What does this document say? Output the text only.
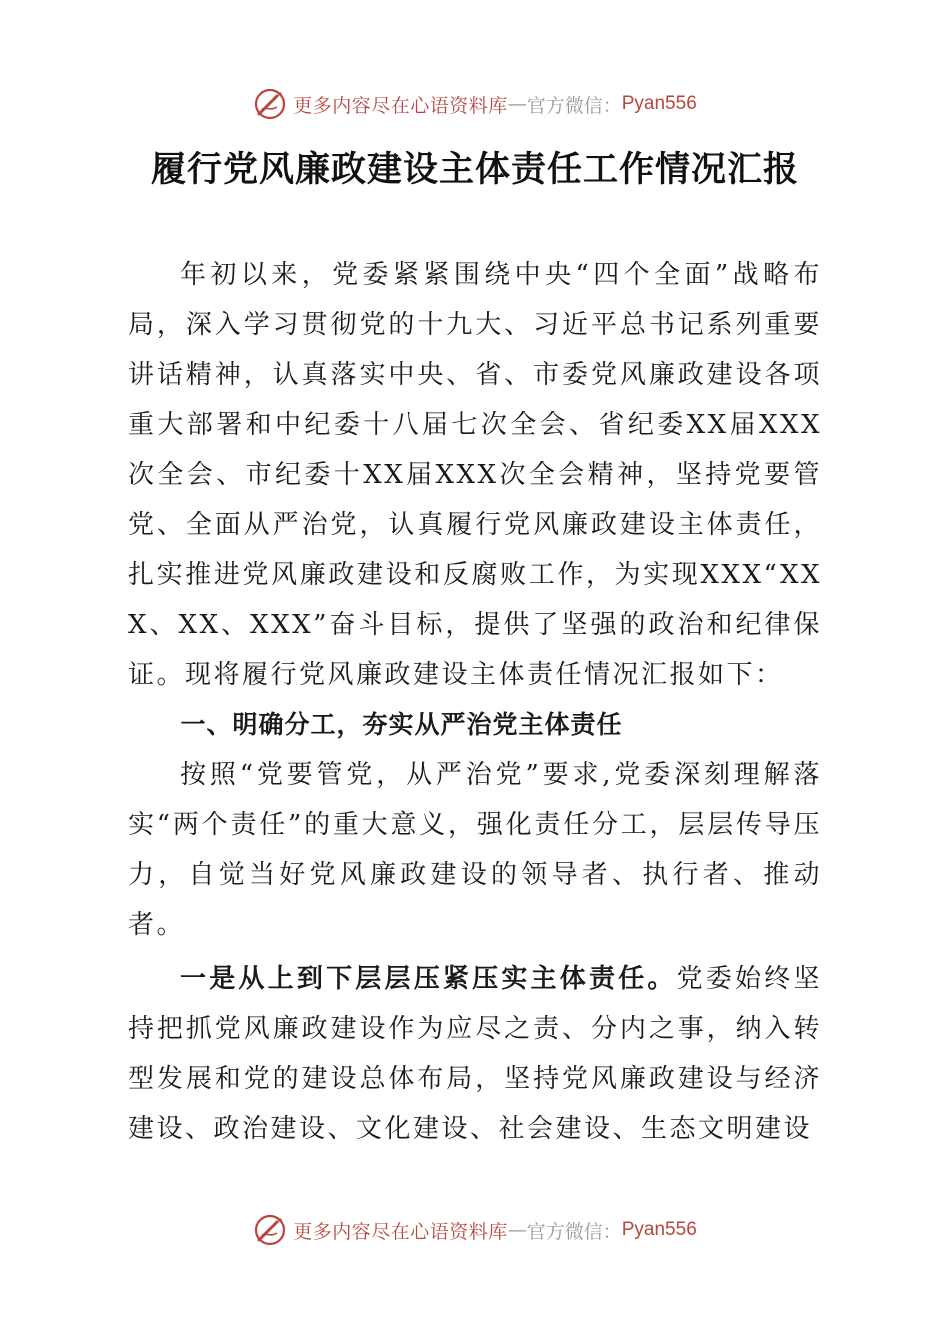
更多内容尽在心语资料库 — 官方微信： Pyan556
履行党风廉政建设主体责任工作情况汇报

年初以来，党委紧紧围绕中央“四个全面”战略布局，深入学习贯彻党的十九大、习近平总书记系列重要讲话精神，认真落实中央、省、市委党风廉政建设各项重大部署和中纪委十八届七次全会、省纪委XX届XXX次全会、市纪委十XX届XXX次全会精神，坚持党要管党、全面从严治党，认真履行党风廉政建设主体责任，扎实推进党风廉政建设和反腐败工作，为实现XXX“XXX、XX、XXX”奋斗目标，提供了坚强的政治和纪律保证。现将履行党风廉政建设主体责任情况汇报如下：

一、明确分工，夯实从严治党主体责任

按照“党要管党，从严治党”要求,党委深刻理解落实“两个责任”的重大意义，强化责任分工，层层传导压力，自觉当好党风廉政建设的领导者、执行者、推动者。

一是从上到下层层压紧压实主体责任。党委始终坚持把抓党风廉政建设作为应尽之责、分内之事，纳入转型发展和党的建设总体布局，坚持党风廉政建设与经济建设、政治建设、文化建设、社会建设、生态文明建设

更多内容尽在心语资料库 — 官方微信： Pyan556
